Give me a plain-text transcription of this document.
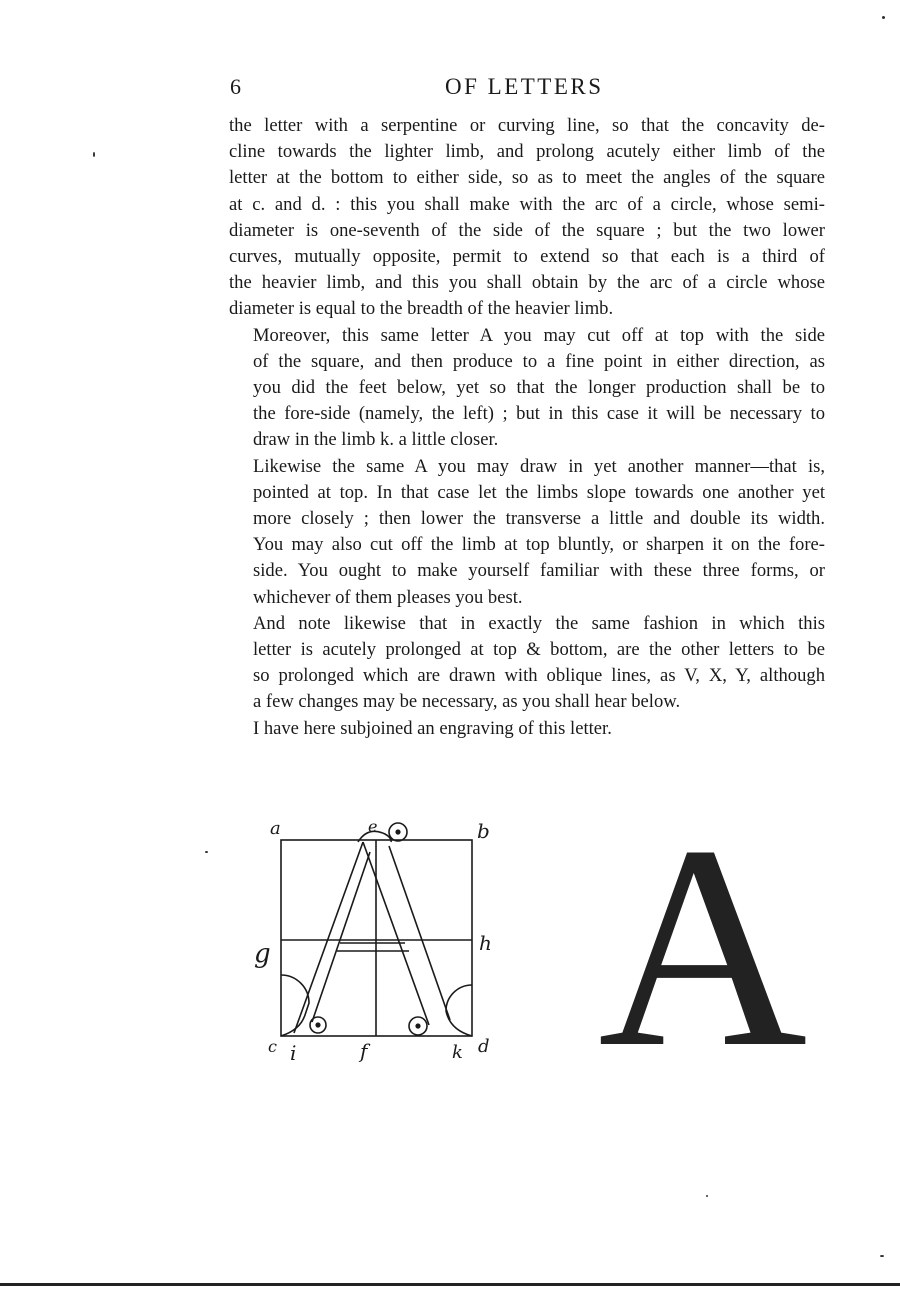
6	OF LETTERS

the letter with a serpentine or curving line, so that the concavity de-
cline towards the lighter limb, and prolong acutely either limb of the
letter at the bottom to either side, so as to meet the angles of the square
at c. and d. : this you shall make with the arc of a circle, whose semi-
diameter is one-seventh of the side of the square ; but the two lower
curves, mutually opposite, permit to extend so that each is a third of
the heavier limb, and this you shall obtain by the arc of a circle whose
diameter is equal to the breadth of the heavier limb.

Moreover, this same letter A you may cut off at top with the side
of the square, and then produce to a fine point in either direction, as
you did the feet below, yet so that the longer production shall be to
the fore-side (namely, the left) ; but in this case it will be necessary to
draw in the limb k. a little closer.

Likewise the same A you may draw in yet another manner—that is,
pointed at top. In that case let the limbs slope towards one another yet
more closely ; then lower the transverse a little and double its width.
You may also cut off the limb at top bluntly, or sharpen it on the fore-
side. You ought to make yourself familiar with these three forms, or
whichever of them pleases you best.

And note likewise that in exactly the same fashion in which this
letter is acutely prolonged at top & bottom, are the other letters to be
so prolonged which are drawn with oblique lines, as V, X, Y, although
a few changes may be necessary, as you shall hear below.

I have here subjoined an engraving of this letter.

a	b
e
g	h
c i	f	k d A
